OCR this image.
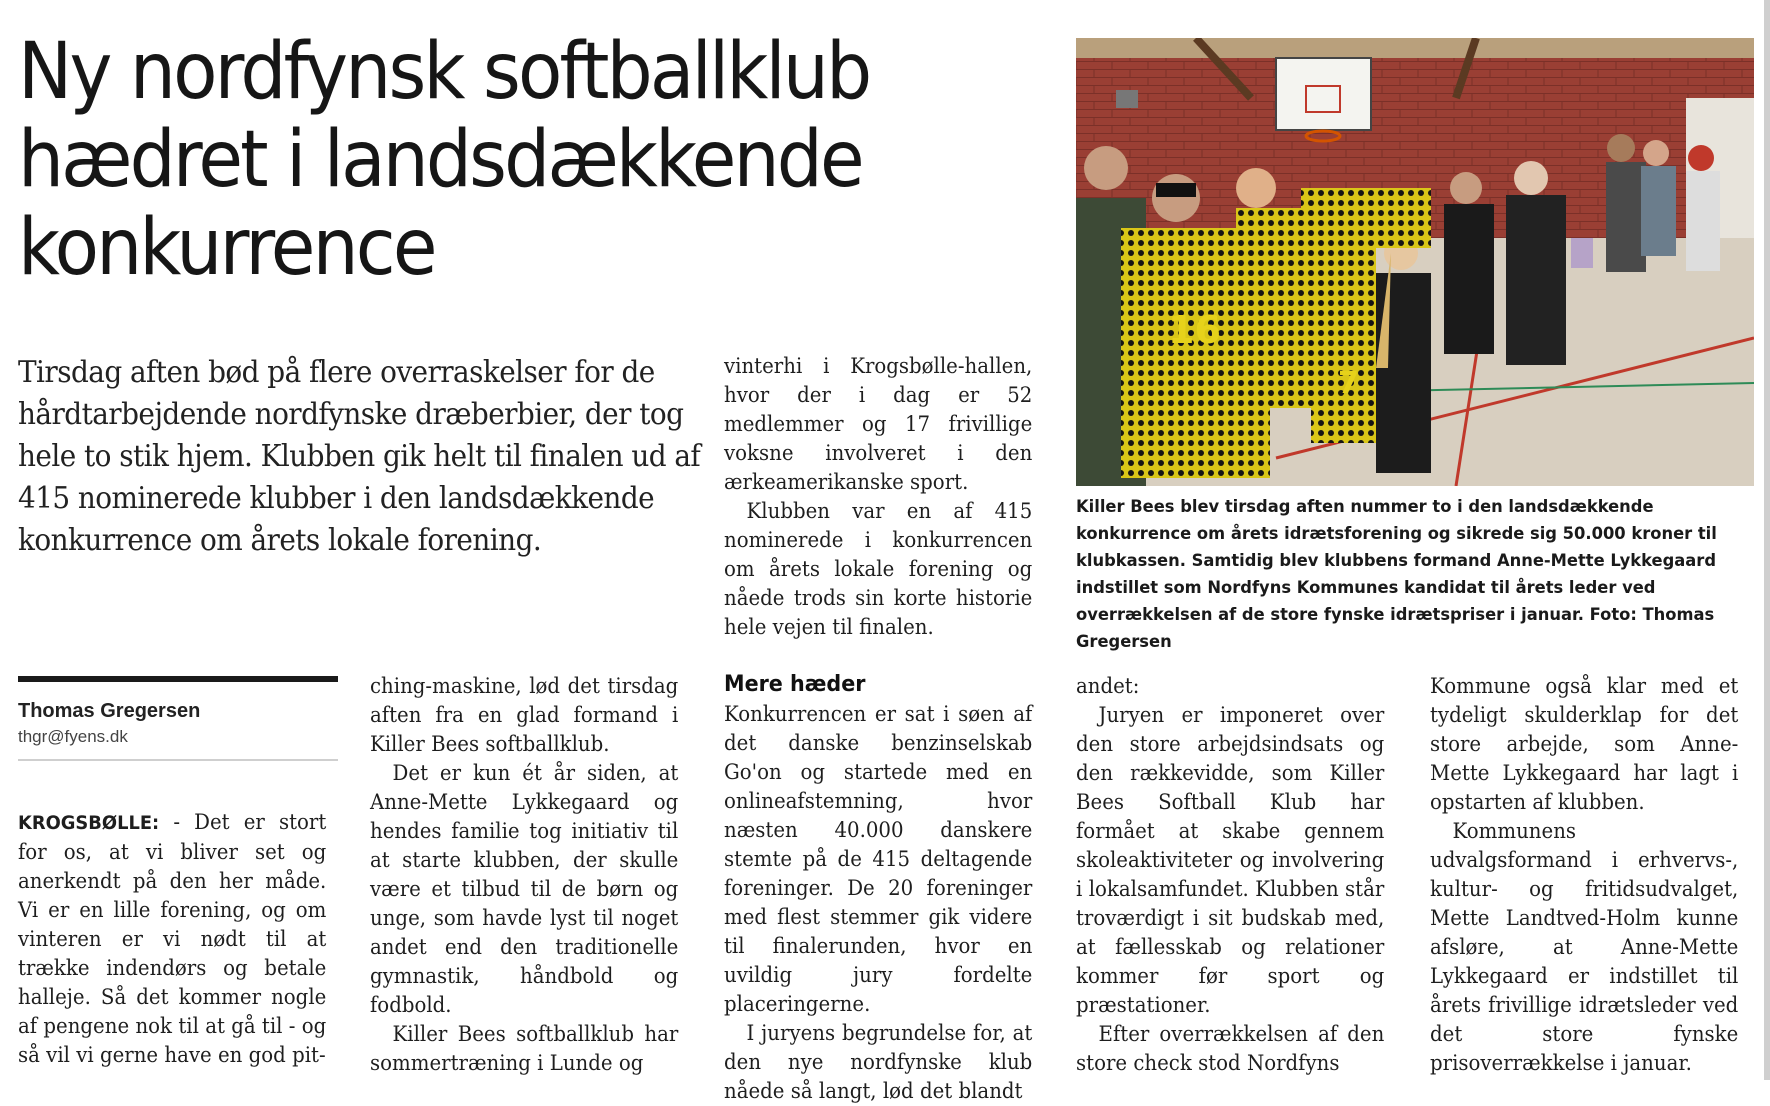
Ny nordfynsk softballklub hædret i landsdækkende konkurrence

Tirsdag aften bød på flere overraskelser for de hårdtarbejdende nordfynske dræberbier, der tog hele to stik hjem. Klubben gik helt til finalen ud af 415 nominerede klubber i den landsdækkende konkurrence om årets lokale forening.

16
7
Killer Bees blev tirsdag aften nummer to i den landsdækkende konkurrence om årets idrætsforening og sikrede sig 50.000 kroner til klubkassen. Samtidig blev klubbens formand Anne-Mette Lykkegaard indstillet som Nordfyns Kommunes kandidat til årets leder ved overrækkelsen af de store fynske idrætspriser i januar. Foto: Thomas Gregersen
Thomas Gregersen
thgr@fyens.dk

KROGSBØLLE: - Det er stort for os, at vi bliver set og anerkendt på den her måde. Vi er en lille forening, og om vinteren er vi nødt til at trække indendørs og betale halleje. Så det kommer nogle af pengene nok til at gå til - og så vil vi gerne have en god pit-

ching-maskine, lød det tirsdag aften fra en glad formand i Killer Bees softballklub.

Det er kun ét år siden, at Anne-Mette Lykkegaard og hendes familie tog initiativ til at starte klubben, der skulle være et tilbud til de børn og unge, som havde lyst til noget andet end den traditionelle gymnastik, håndbold og fodbold.

Killer Bees softballklub har sommertræning i Lunde og

vinterhi i Krogsbølle-hallen, hvor der i dag er 52 medlemmer og 17 frivillige voksne involveret i den ærkeamerikanske sport.

Klubben var en af 415 nominerede i konkurrencen om årets lokale forening og nåede trods sin korte historie hele vejen til finalen.

Mere hæder

Konkurrencen er sat i søen af det danske benzinselskab Go'on og startede med en onlineafstemning, hvor næsten 40.000 danskere stemte på de 415 deltagende foreninger. De 20 foreninger med flest stemmer gik videre til finalerunden, hvor en uvildig jury fordelte placeringerne.

I juryens begrundelse for, at den nye nordfynske klub nåede så langt, lød det blandt

andet:

Juryen er imponeret over den store arbejdsindsats og den rækkevidde, som Killer Bees Softball Klub har formået at skabe gennem skoleaktiviteter og involvering i lokalsamfundet. Klubben står troværdigt i sit budskab med, at fællesskab og relationer kommer før sport og præstationer.

Efter overrækkelsen af den store check stod Nordfyns

Kommune også klar med et tydeligt skulderklap for det store arbejde, som Anne-Mette Lykkegaard har lagt i opstarten af klubben.

Kommunens udvalgsformand i erhvervs-, kultur- og fritidsudvalget, Mette Landtved-Holm kunne afsløre, at Anne-Mette Lykkegaard er indstillet til årets frivillige idrætsleder ved det store fynske prisoverrækkelse i januar.
